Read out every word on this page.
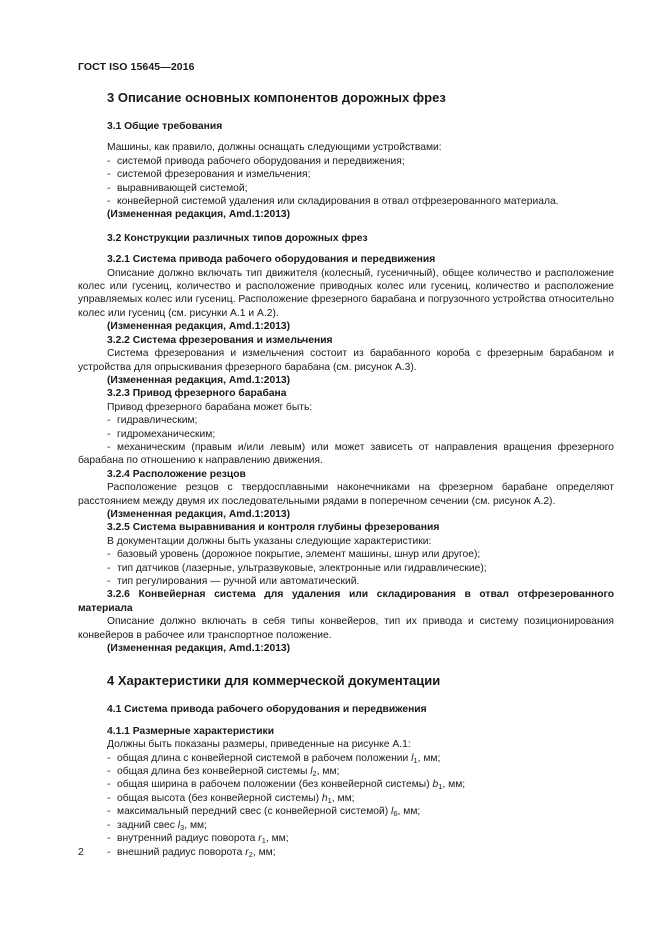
ГОСТ ISO 15645—2016

3 Описание основных компонентов дорожных фрез

3.1 Общие требования

Машины, как правило, должны оснащать следующими устройствами:

- системой привода рабочего оборудования и передвижения;

- системой фрезерования и измельчения;

- выравнивающей системой;

- конвейерной системой удаления или складирования в отвал отфрезерованного материала.

(Измененная редакция, Amd.1:2013)

3.2 Конструкции различных типов дорожных фрез

3.2.1 Система привода рабочего оборудования и передвижения

Описание должно включать тип движителя (колесный, гусеничный), общее количество и расположение колес или гусениц, количество и расположение приводных колес или гусениц, количество и расположение управляемых колес или гусениц. Расположение фрезерного барабана и погрузочного устройства относительно колес или гусениц (см. рисунки А.1 и А.2).

(Измененная редакция, Amd.1:2013)

3.2.2 Система фрезерования и измельчения

Система фрезерования и измельчения состоит из барабанного короба с фрезерным барабаном и устройства для опрыскивания фрезерного барабана (см. рисунок А.3).

(Измененная редакция, Amd.1:2013)

3.2.3 Привод фрезерного барабана

Привод фрезерного барабана может быть:

- гидравлическим;

- гидромеханическим;

- механическим (правым и/или левым) или может зависеть от направления вращения фрезерного барабана по отношению к направлению движения.

3.2.4 Расположение резцов

Расположение резцов с твердосплавными наконечниками на фрезерном барабане определяют расстоянием между двумя их последовательными рядами в поперечном сечении (см. рисунок А.2).

(Измененная редакция, Amd.1:2013)

3.2.5 Система выравнивания и контроля глубины фрезерования

В документации должны быть указаны следующие характеристики:

- базовый уровень (дорожное покрытие, элемент машины, шнур или другое);

- тип датчиков (лазерные, ультразвуковые, электронные или гидравлические);

- тип регулирования — ручной или автоматический.

3.2.6 Конвейерная система для удаления или складирования в отвал отфрезерованного материала

Описание должно включать в себя типы конвейеров, тип их привода и систему позиционирования конвейеров в рабочее или транспортное положение.

(Измененная редакция, Amd.1:2013)

4 Характеристики для коммерческой документации

4.1 Система привода рабочего оборудования и передвижения

4.1.1 Размерные характеристики

Должны быть показаны размеры, приведенные на рисунке А.1:

- общая длина с конвейерной системой в рабочем положении $l_1$, мм;

- общая длина без конвейерной системы $l_2$, мм;

- общая ширина в рабочем положении (без конвейерной системы) $b_1$, мм;

- общая высота (без конвейерной системы) $h_1$, мм;

- максимальный передний свес (с конвейерной системой) $l_6$, мм;

- задний свес $l_3$, мм;

- внутренний радиус поворота $r_1$, мм;

- внешний радиус поворота $r_2$, мм;

2
